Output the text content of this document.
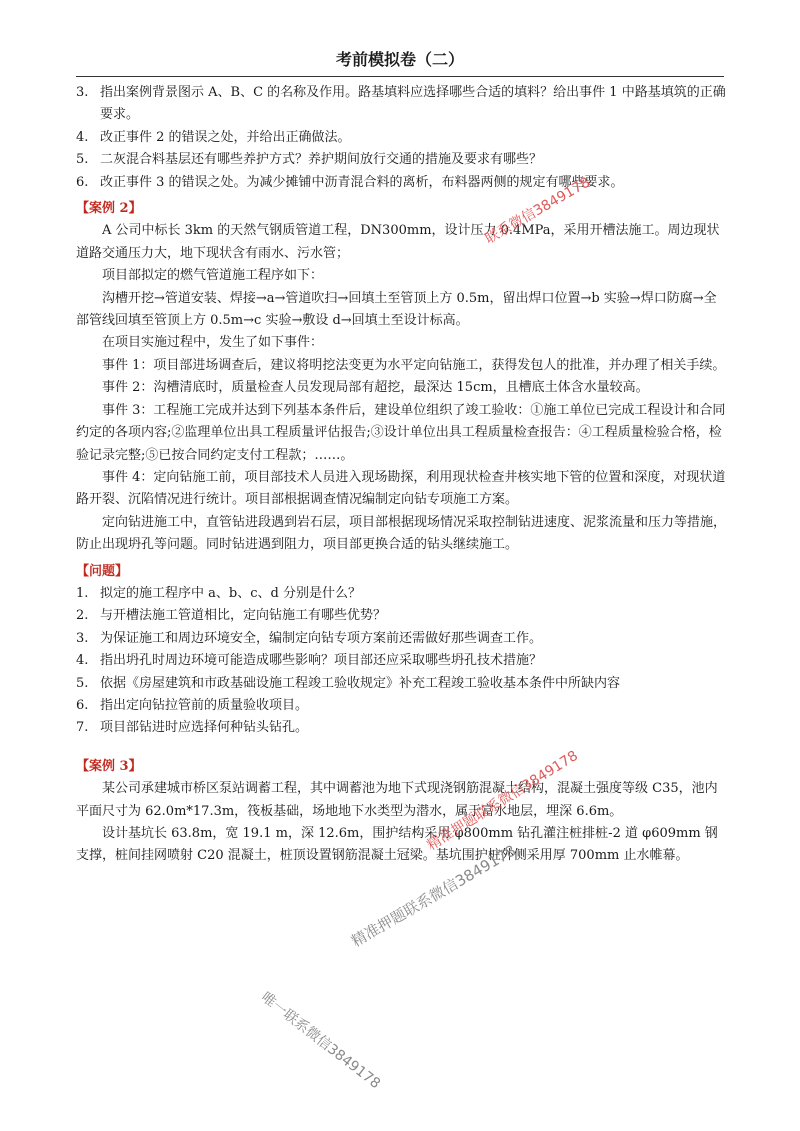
考前模拟卷（二）
3. 指出案例背景图示 A、B、C 的名称及作用。路基填料应选择哪些合适的填料？给出事件 1 中路基填筑的正确要求。
4. 改正事件 2 的错误之处，并给出正确做法。
5. 二灰混合料基层还有哪些养护方式？养护期间放行交通的措施及要求有哪些？
6. 改正事件 3 的错误之处。为减少摊铺中沥青混合料的离析，布料器两侧的规定有哪些要求。

【案例 2】

A 公司中标长 3km 的天然气钢质管道工程，DN300mm，设计压力 0.4MPa，采用开槽法施工。周边现状道路交通压力大，地下现状含有雨水、污水管；

项目部拟定的燃气管道施工程序如下：

沟槽开挖→管道安装、焊接→a→管道吹扫→回填土至管顶上方 0.5m，留出焊口位置→b 实验→焊口防腐→全部管线回填至管顶上方 0.5m→c 实验→敷设 d→回填土至设计标高。

在项目实施过程中，发生了如下事件：

事件 1：项目部进场调查后，建议将明挖法变更为水平定向钻施工，获得发包人的批准，并办理了相关手续。

事件 2：沟槽清底时，质量检查人员发现局部有超挖，最深达 15cm，且槽底土体含水量较高。

事件 3：工程施工完成并达到下列基本条件后，建设单位组织了竣工验收：①施工单位已完成工程设计和合同约定的各项内容;②监理单位出具工程质量评估报告;③设计单位出具工程质量检查报告：④工程质量检验合格，检验记录完整;⑤已按合同约定支付工程款；……。

事件 4：定向钻施工前，项目部技术人员进入现场勘探，利用现状检查井核实地下管的位置和深度，对现状道路开裂、沉陷情况进行统计。项目部根据调查情况编制定向钻专项施工方案。

定向钻进施工中，直管钻进段遇到岩石层，项目部根据现场情况采取控制钻进速度、泥浆流量和压力等措施，防止出现坍孔等问题。同时钻进遇到阻力，项目部更换合适的钻头继续施工。

【问题】

1. 拟定的施工程序中 a、b、c、d 分别是什么？
2. 与开槽法施工管道相比，定向钻施工有哪些优势？
3. 为保证施工和周边环境安全，编制定向钻专项方案前还需做好那些调查工作。
4. 指出坍孔时周边环境可能造成哪些影响？项目部还应采取哪些坍孔技术措施？
5. 依据《房屋建筑和市政基础设施工程竣工验收规定》补充工程竣工验收基本条件中所缺内容
6. 指出定向钻拉管前的质量验收项目。
7. 项目部钻进时应选择何种钻头钻孔。

【案例 3】

某公司承建城市桥区泵站调蓄工程，其中调蓄池为地下式现浇钢筋混凝土结构，混凝土强度等级 C35，池内平面尺寸为 62.0m*17.3m，筏板基础，场地地下水类型为潜水，属于富水地层，埋深 6.6m。

设计基坑长 63.8m，宽 19.1 m，深 12.6m，围护结构采用 φ800mm 钻孔灌注桩排桩-2 道 φ609mm 钢支撑，桩间挂网喷射 C20 混凝土，桩顶设置钢筋混凝土冠梁。基坑围护桩外侧采用厚 700mm 止水帷幕。

联系微信3849178
精准押题联系微信3849178
精准押题联系微信3849178
唯一联系微信3849178
